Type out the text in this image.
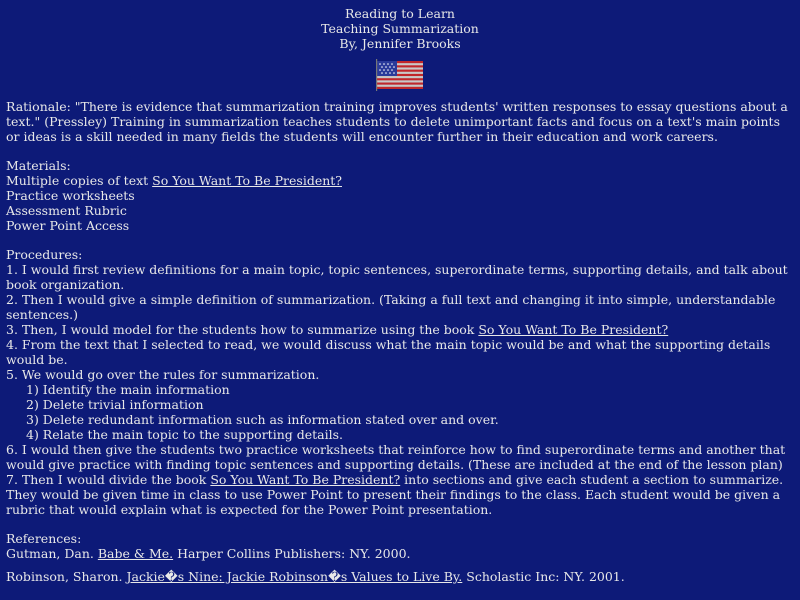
Reading to Learn
Teaching Summarization
By, Jennifer Brooks

Rationale: "There is evidence that summarization training improves students' written responses to essay questions about a text." (Pressley) Training in summarization teaches students to delete unimportant facts and focus on a text's main points or ideas is a skill needed in many fields the students will encounter further in their education and work careers.

Materials:
Multiple copies of text So You Want To Be President?
Practice worksheets
Assessment Rubric
Power Point Access
Procedures:
1. I would first review definitions for a main topic, topic sentences, superordinate terms, supporting details, and talk about book organization.
2. Then I would give a simple definition of summarization. (Taking a full text and changing it into simple, understandable sentences.)
3. Then, I would model for the students how to summarize using the book So You Want To Be President?
4. From the text that I selected to read, we would discuss what the main topic would be and what the supporting details would be.
5. We would go over the rules for summarization.
1) Identify the main information
2) Delete trivial information
3) Delete redundant information such as information stated over and over.
4) Relate the main topic to the supporting details.
6. I would then give the students two practice worksheets that reinforce how to find superordinate terms and another that would give practice with finding topic sentences and supporting details. (These are included at the end of the lesson plan)
7. Then I would divide the book So You Want To Be President? into sections and give each student a section to summarize. They would be given time in class to use Power Point to present their findings to the class. Each student would be given a rubric that would explain what is expected for the Power Point presentation.
References:
Gutman, Dan. Babe & Me. Harper Collins Publishers: NY. 2000.
Robinson, Sharon. Jackie�s Nine: Jackie Robinson�s Values to Live By. Scholastic Inc: NY. 2001.
